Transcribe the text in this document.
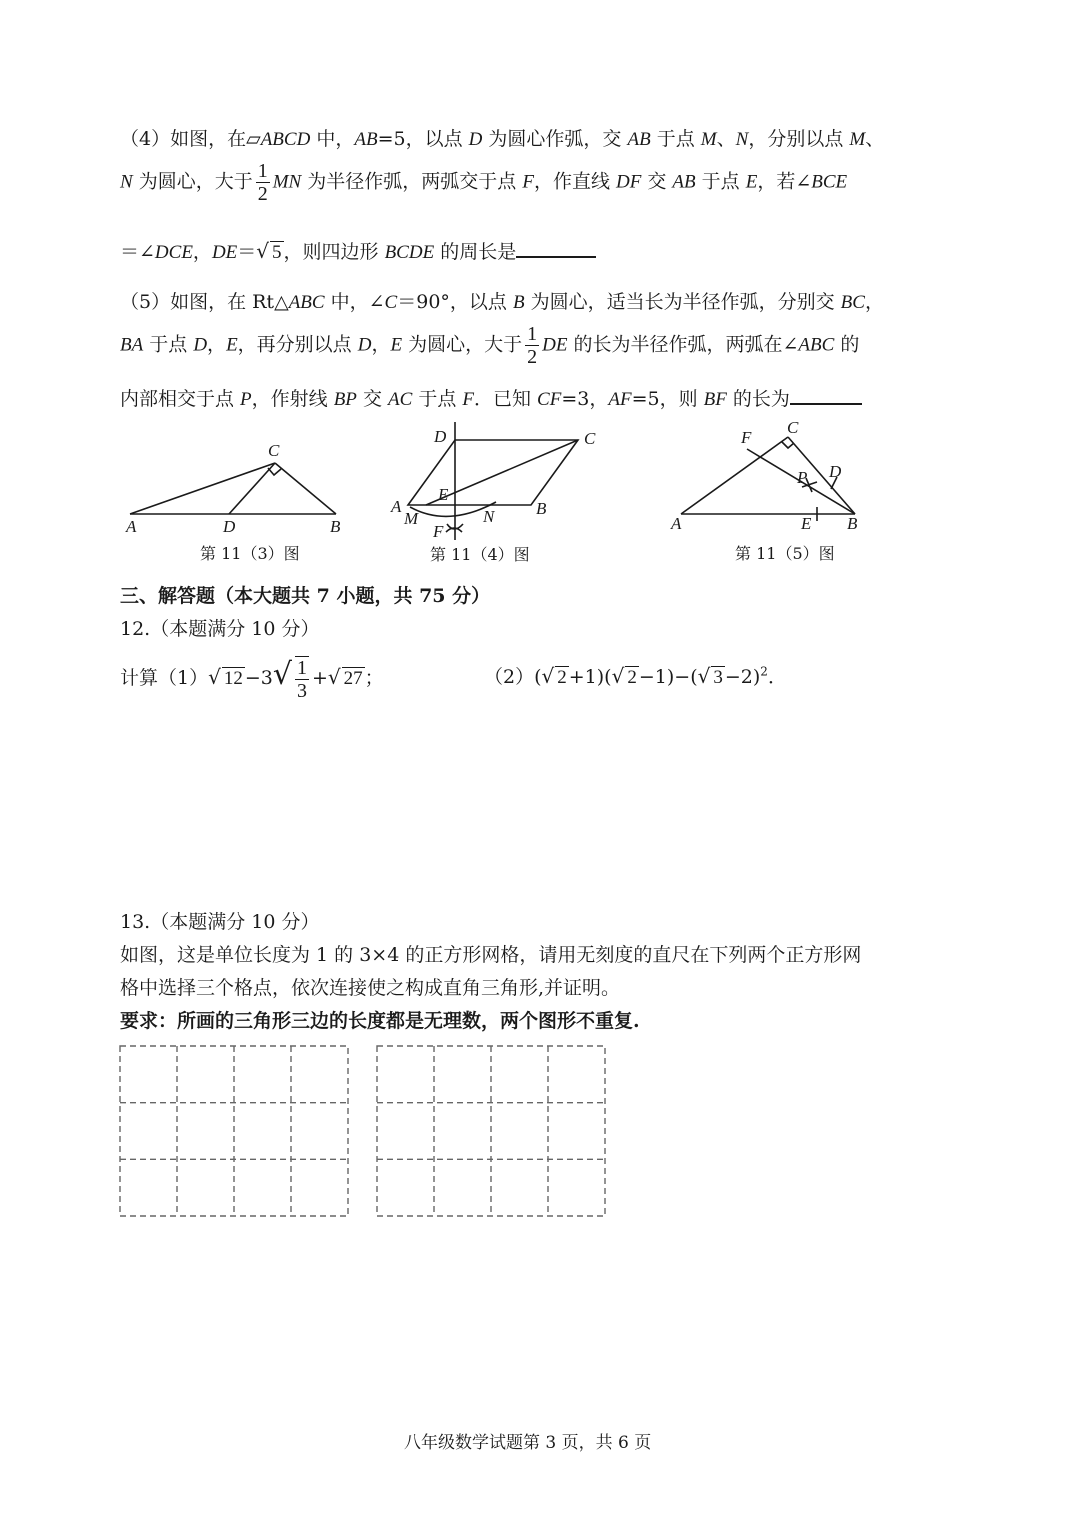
（4）如图，在▱ABCD 中，AB=5，以点 D 为圆心作弧，交 AB 于点 M、N，分别以点 M、
N 为圆心，大于 $\frac{1}{2}$ MN 为半径作弧，两弧交于点 F，作直线 DF 交 AB 于点 E，若∠BCE
＝∠DCE，DE＝√ 5 ，则四边形 BCDE 的周长是
（5）如图，在 Rt△ABC 中，∠C＝90°，以点 B 为圆心，适当长为半径作弧，分别交 BC，
BA 于点 D，E，再分别以点 D，E 为圆心，大于 $\frac{1}{2}$ DE 的长为半径作弧，两弧在∠ABC 的
内部相交于点 P，作射线 BP 交 AC 于点 F．已知 CF=3，AF=5，则 BF 的长为
C
A	D	B
第 11（3）图
D	C
A
E
M	N B
F
第 11（4）图
C
F
D
P
A	E B
第 11（5）图
三、解答题（本大题共 7 小题，共 75 分）
12.（本题满分 10 分）
计算（1）√ $12 -3√ \frac{1}{3}$ +√ 27 ；	（2）(√ 2 +1)(√ 2 −1)−(√ 3 −2)$^2$．
13.（本题满分 10 分）
如图，这是单位长度为 1 的 3×4 的正方形网格，请用无刻度的直尺在下列两个正方形网
格中选择三个格点，依次连接使之构成直角三角形,并证明。
要求：所画的三角形三边的长度都是无理数，两个图形不重复.
八年级数学试题第 3 页，共 6 页
